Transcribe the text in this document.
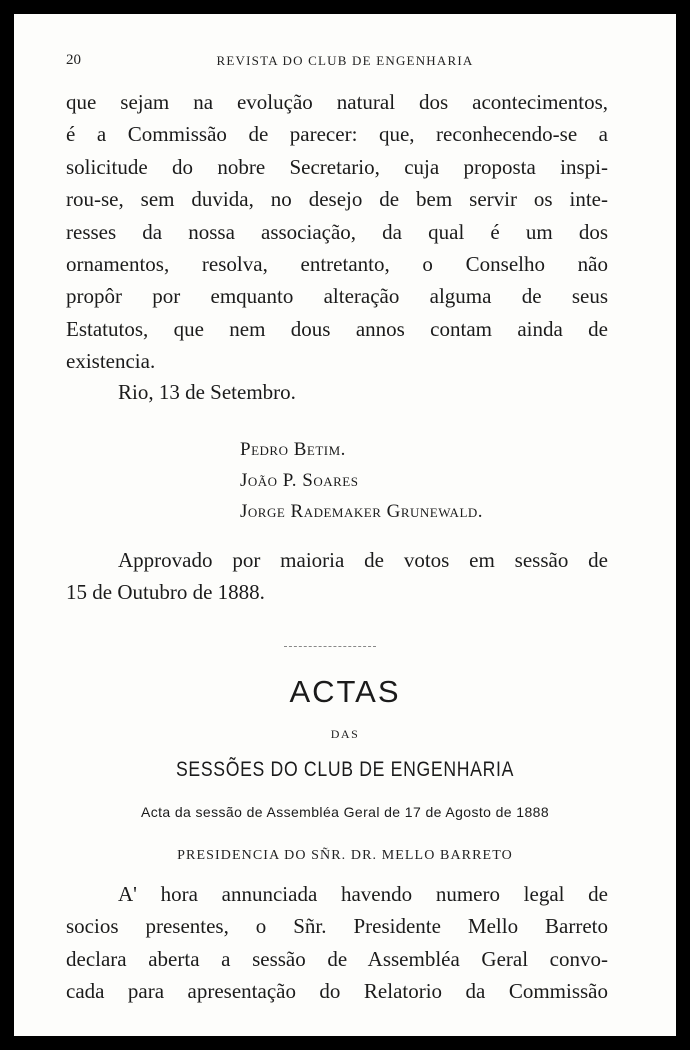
20	REVISTA DO CLUB DE ENGENHARIA
que sejam na evolução natural dos acontecimentos,
é a Commissão de parecer: que, reconhecendo-se a
solicitude do nobre Secretario, cuja proposta inspi-
rou-se, sem duvida, no desejo de bem servir os inte-
resses da nossa associação, da qual é um dos
ornamentos, resolva, entretanto, o Conselho não
propôr por emquanto alteração alguma de seus
Estatutos, que nem dous annos contam ainda de
existencia.
Rio, 13 de Setembro.
Pedro Betim.
João P. Soares
Jorge Rademaker Grunewald.
Approvado por maioria de votos em sessão de
15 de Outubro de 1888.
ACTAS
DAS
SESSÕES DO CLUB DE ENGENHARIA
Acta da sessão de Assembléa Geral de 17 de Agosto de 1888
PRESIDENCIA DO SÑR. DR. MELLO BARRETO
A' hora annunciada havendo numero legal de
socios presentes, o Sñr. Presidente Mello Barreto
declara aberta a sessão de Assembléa Geral convo-
cada para apresentação do Relatorio da Commissão
